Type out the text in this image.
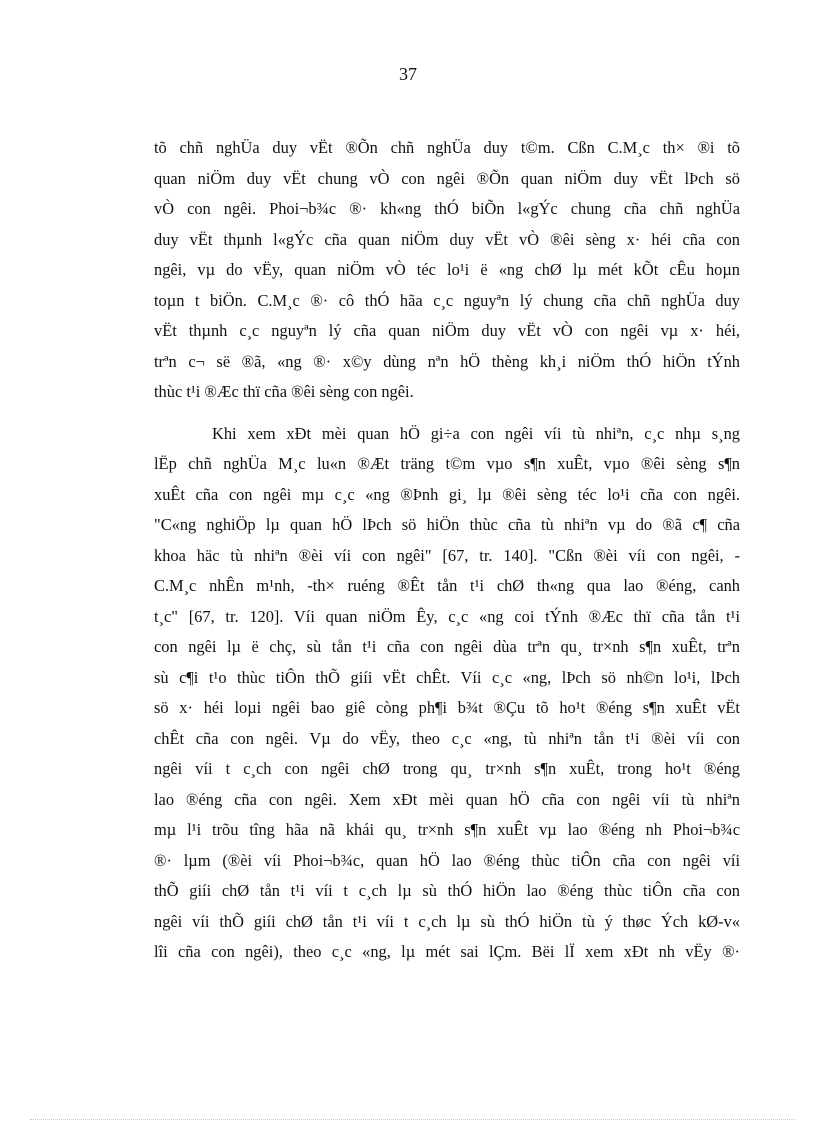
37
tõ chñ nghÜa duy vËt ®Õn chñ nghÜa duy t©m. Cßn C.M¸c th× ®i tõ
quan niÖm duy vËt chung vÒ con ngêi ®Õn quan niÖm duy vËt lÞch sö
vÒ con ngêi. Phoi¬b¾c ®· kh«ng thÓ biÕn l«gÝc chung cña chñ nghÜa
duy vËt thµnh l«gÝc cña quan niÖm duy vËt vÒ ®êi sèng x· héi cña con
ngêi, vµ do vËy, quan niÖm vÒ téc lo¹i ë «ng chØ lµ mét kÕt cÊu hoµn
toµn t biÖn. C.M¸c ®· cô thÓ hãa c¸c nguyªn lý chung cña chñ nghÜa duy
vËt thµnh c¸c nguyªn lý cña quan niÖm duy vËt vÒ con ngêi vµ x· héi,
trªn c¬ së ®ã, «ng ®· x©y dùng nªn hÖ thèng kh¸i niÖm thÓ hiÖn tÝnh
thùc t¹i ®Æc thï cña ®êi sèng con ngêi.
Khi xem xÐt mèi quan hÖ gi÷a con ngêi víi tù nhiªn, c¸c nhµ s¸ng
lËp chñ nghÜa M¸c lu«n ®Æt träng t©m vµo s¶n xuÊt, vµo ®êi sèng s¶n
xuÊt cña con ngêi mµ c¸c «ng ®Þnh gi¸ lµ ®êi sèng téc lo¹i cña con ngêi.
"C«ng nghiÖp lµ quan hÖ lÞch sö hiÖn thùc cña tù nhiªn vµ do ®ã c¶ cña
khoa häc tù nhiªn ®èi víi con ngêi" [67, tr. 140]. "Cßn ®èi víi con ngêi, -
C.M¸c nhÊn m¹nh, -th× ruéng ®Êt tån t¹i chØ th«ng qua lao ®éng, canh
t¸c" [67, tr. 120]. Víi quan niÖm Êy, c¸c «ng coi tÝnh ®Æc thï cña tån t¹i
con ngêi lµ ë chç, sù tån t¹i cña con ngêi dùa trªn qu¸ tr×nh s¶n xuÊt, trªn
sù c¶i t¹o thùc tiÔn thÕ giíi vËt chÊt. Víi c¸c «ng, lÞch sö nh©n lo¹i, lÞch
sö x· héi loµi ngêi bao giê còng ph¶i b¾t ®Çu tõ ho¹t ®éng s¶n xuÊt vËt
chÊt cña con ngêi. Vµ do vËy, theo c¸c «ng, tù nhiªn tån t¹i ®èi víi con
ngêi víi t c¸ch con ngêi chØ trong qu¸ tr×nh s¶n xuÊt, trong ho¹t ®éng
lao ®éng cña con ngêi. Xem xÐt mèi quan hÖ cña con ngêi víi tù nhiªn
mµ l¹i trõu tîng hãa nã khái qu¸ tr×nh s¶n xuÊt vµ lao ®éng nh Phoi¬b¾c
®· lµm (®èi víi Phoi¬b¾c, quan hÖ lao ®éng thùc tiÔn cña con ngêi víi
thÕ giíi chØ tån t¹i víi t c¸ch lµ sù thÓ hiÖn lao ®éng thùc tiÔn cña con
ngêi víi thÕ giíi chØ tån t¹i víi t c¸ch lµ sù thÓ hiÖn tù ý thøc Ých kØ-v«
lîi cña con ngêi), theo c¸c «ng, lµ mét sai lÇm. Bëi lÏ xem xÐt nh vËy ®·
